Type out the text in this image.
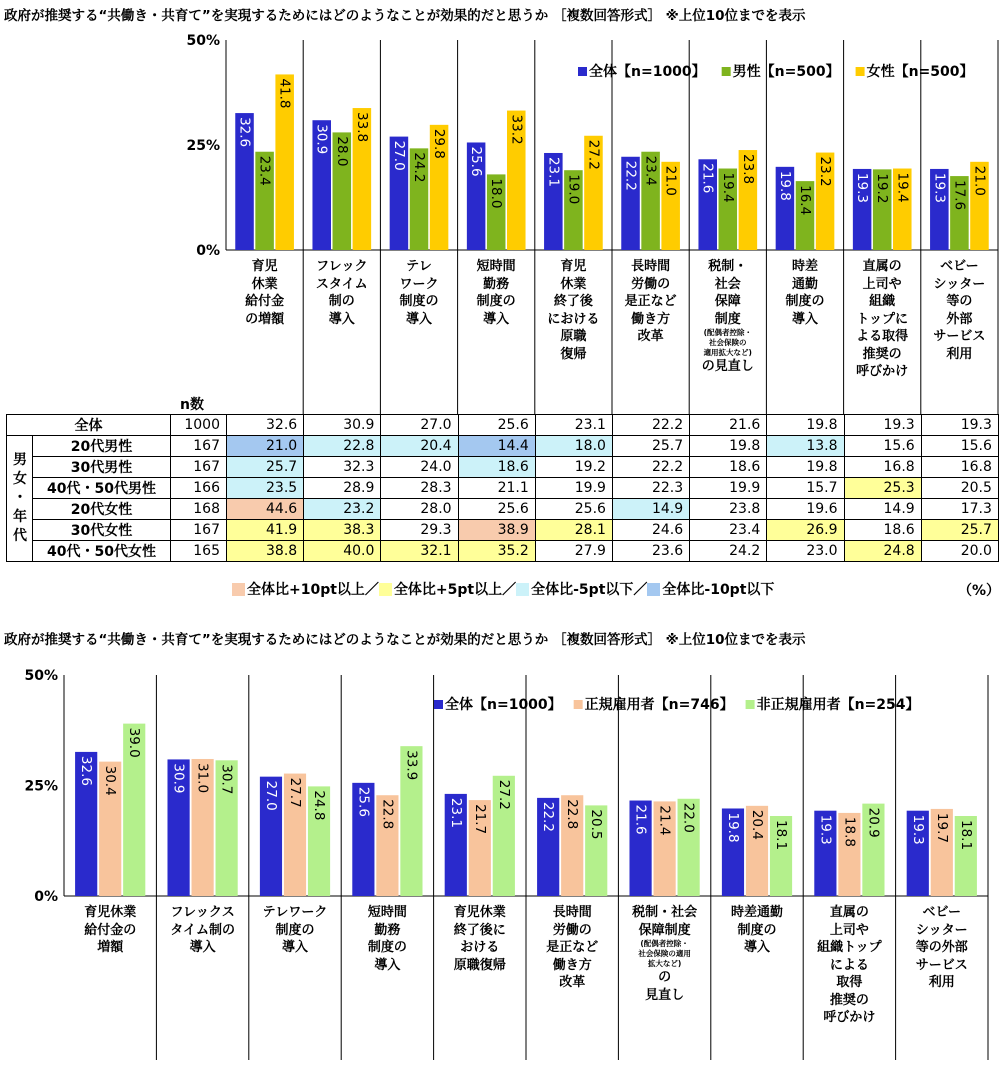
政府が推奨する“共働き・共育て”を実現するためにはどのようなことが効果的だと思うか ［複数回答形式］ ※上位10位までを表示
0%
25%
50%
32.6
23.4
41.8
30.9 28.0
33.8
27.0 24.2
29.8
25.6
18.0
33.2
23.1
19.0
27.2
22.2 23.4 21.0 21.6 19.4
23.8
19.8 16.4
23.2
19.3 19.2 19.4 19.3 17.6 21.0
全体【n=1000】 男性【n=500】 女性【n=500】
育児
休業
給付金
の増額
フレック
スタイム
制の
導入
テレ
ワーク
制度の
導入
短時間
勤務
制度の
導入
育児
休業
終了後
における
原職
復帰
長時間
労働の
是正など
働き方
改革
税制・
社会
保障
制度
(配偶者控除・
社会保険の
適用拡大など)
の見直し
時差
通勤
制度の
導入
直属の
上司や
組織
トップに
よる取得
推奨の
呼びかけ
ベビー
シッター
等の
外部
サービス
利用
全体		1000	32.6	30.9	27.0	25.6	23.1	22.2	21.6	19.8	19.3	19.3

男
女
・
年
代	20代男性	167	21.0	22.8	20.4	14.4	18.0	25.7	19.8	13.8	15.6	15.6
	30代男性	167	25.7	32.3	24.0	18.6	19.2	22.2	18.6	19.8	16.8	16.8
	40代・50代男性	166	23.5	28.9	28.3	21.1	19.9	22.3	19.9	15.7	25.3	20.5
	20代女性	168	44.6	23.2	28.0	25.6	25.6	14.9	23.8	19.6	14.9	17.3
	30代女性	167	41.9	38.3	29.3	38.9	28.1	24.6	23.4	26.9	18.6	25.7
	40代・50代女性	165	38.8	40.0	32.1	35.2	27.9	23.6	24.2	23.0	24.8	20.0
全体比+10pt以上／ 全体比+5pt以上／ 全体比-5pt以下／ 全体比-10pt以下	（%）
政府が推奨する“共働き・共育て”を実現するためにはどのようなことが効果的だと思うか ［複数回答形式］ ※上位10位までを表示
0%
25%
50%
32.6 30.4
39.0
30.9 31.0 30.7
27.0 27.7 24.8 25.6 22.8
33.9
23.1 21.7
27.2
22.2 22.8 20.5 21.6 21.4 22.0 19.8 20.4 18.1 19.3 18.8 20.9 19.3 19.7 18.1
全体【n=1000】 正規雇用者【n=746】 非正規雇用者【n=254】
育児休業
給付金の
増額
フレックス
タイム制の
導入
テレワーク
制度の
導入
短時間
勤務
制度の
導入
育児休業
終了後に
おける
原職復帰
長時間
労働の
是正など
働き方
改革
税制・社会
保障制度
(配偶者控除・
社会保険の適用
拡大など)
の
見直し
時差通勤
制度の
導入
直属の
上司や
組織トップ
による
取得
推奨の
呼びかけ
ベビー
シッター
等の外部
サービス
利用
n数
